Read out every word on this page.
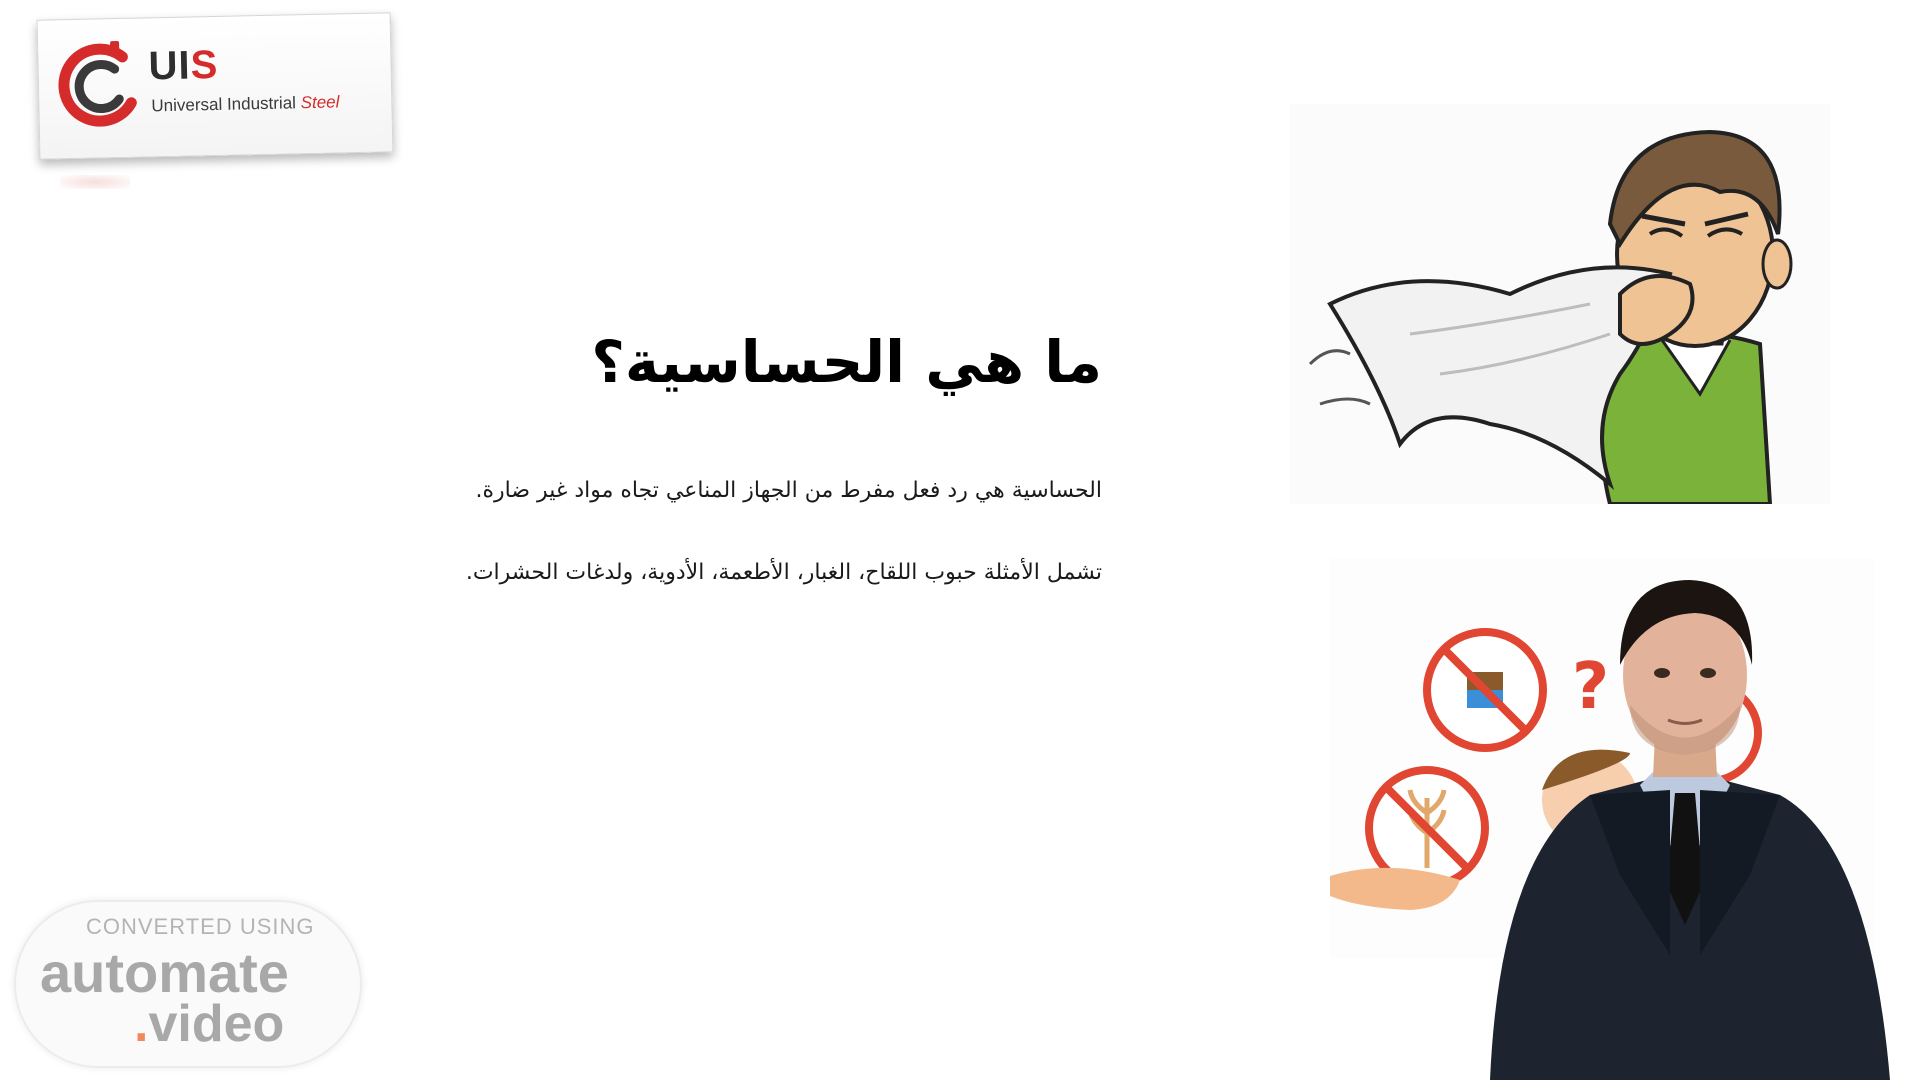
UIS
Universal Industrial Steel
ما هي الحساسية؟
الحساسية هي رد فعل مفرط من الجهاز المناعي تجاه مواد غير ضارة.
تشمل الأمثلة حبوب اللقاح، الغبار، الأطعمة، الأدوية، ولدغات الحشرات.
?
CONVERTED USING
automate
.video
